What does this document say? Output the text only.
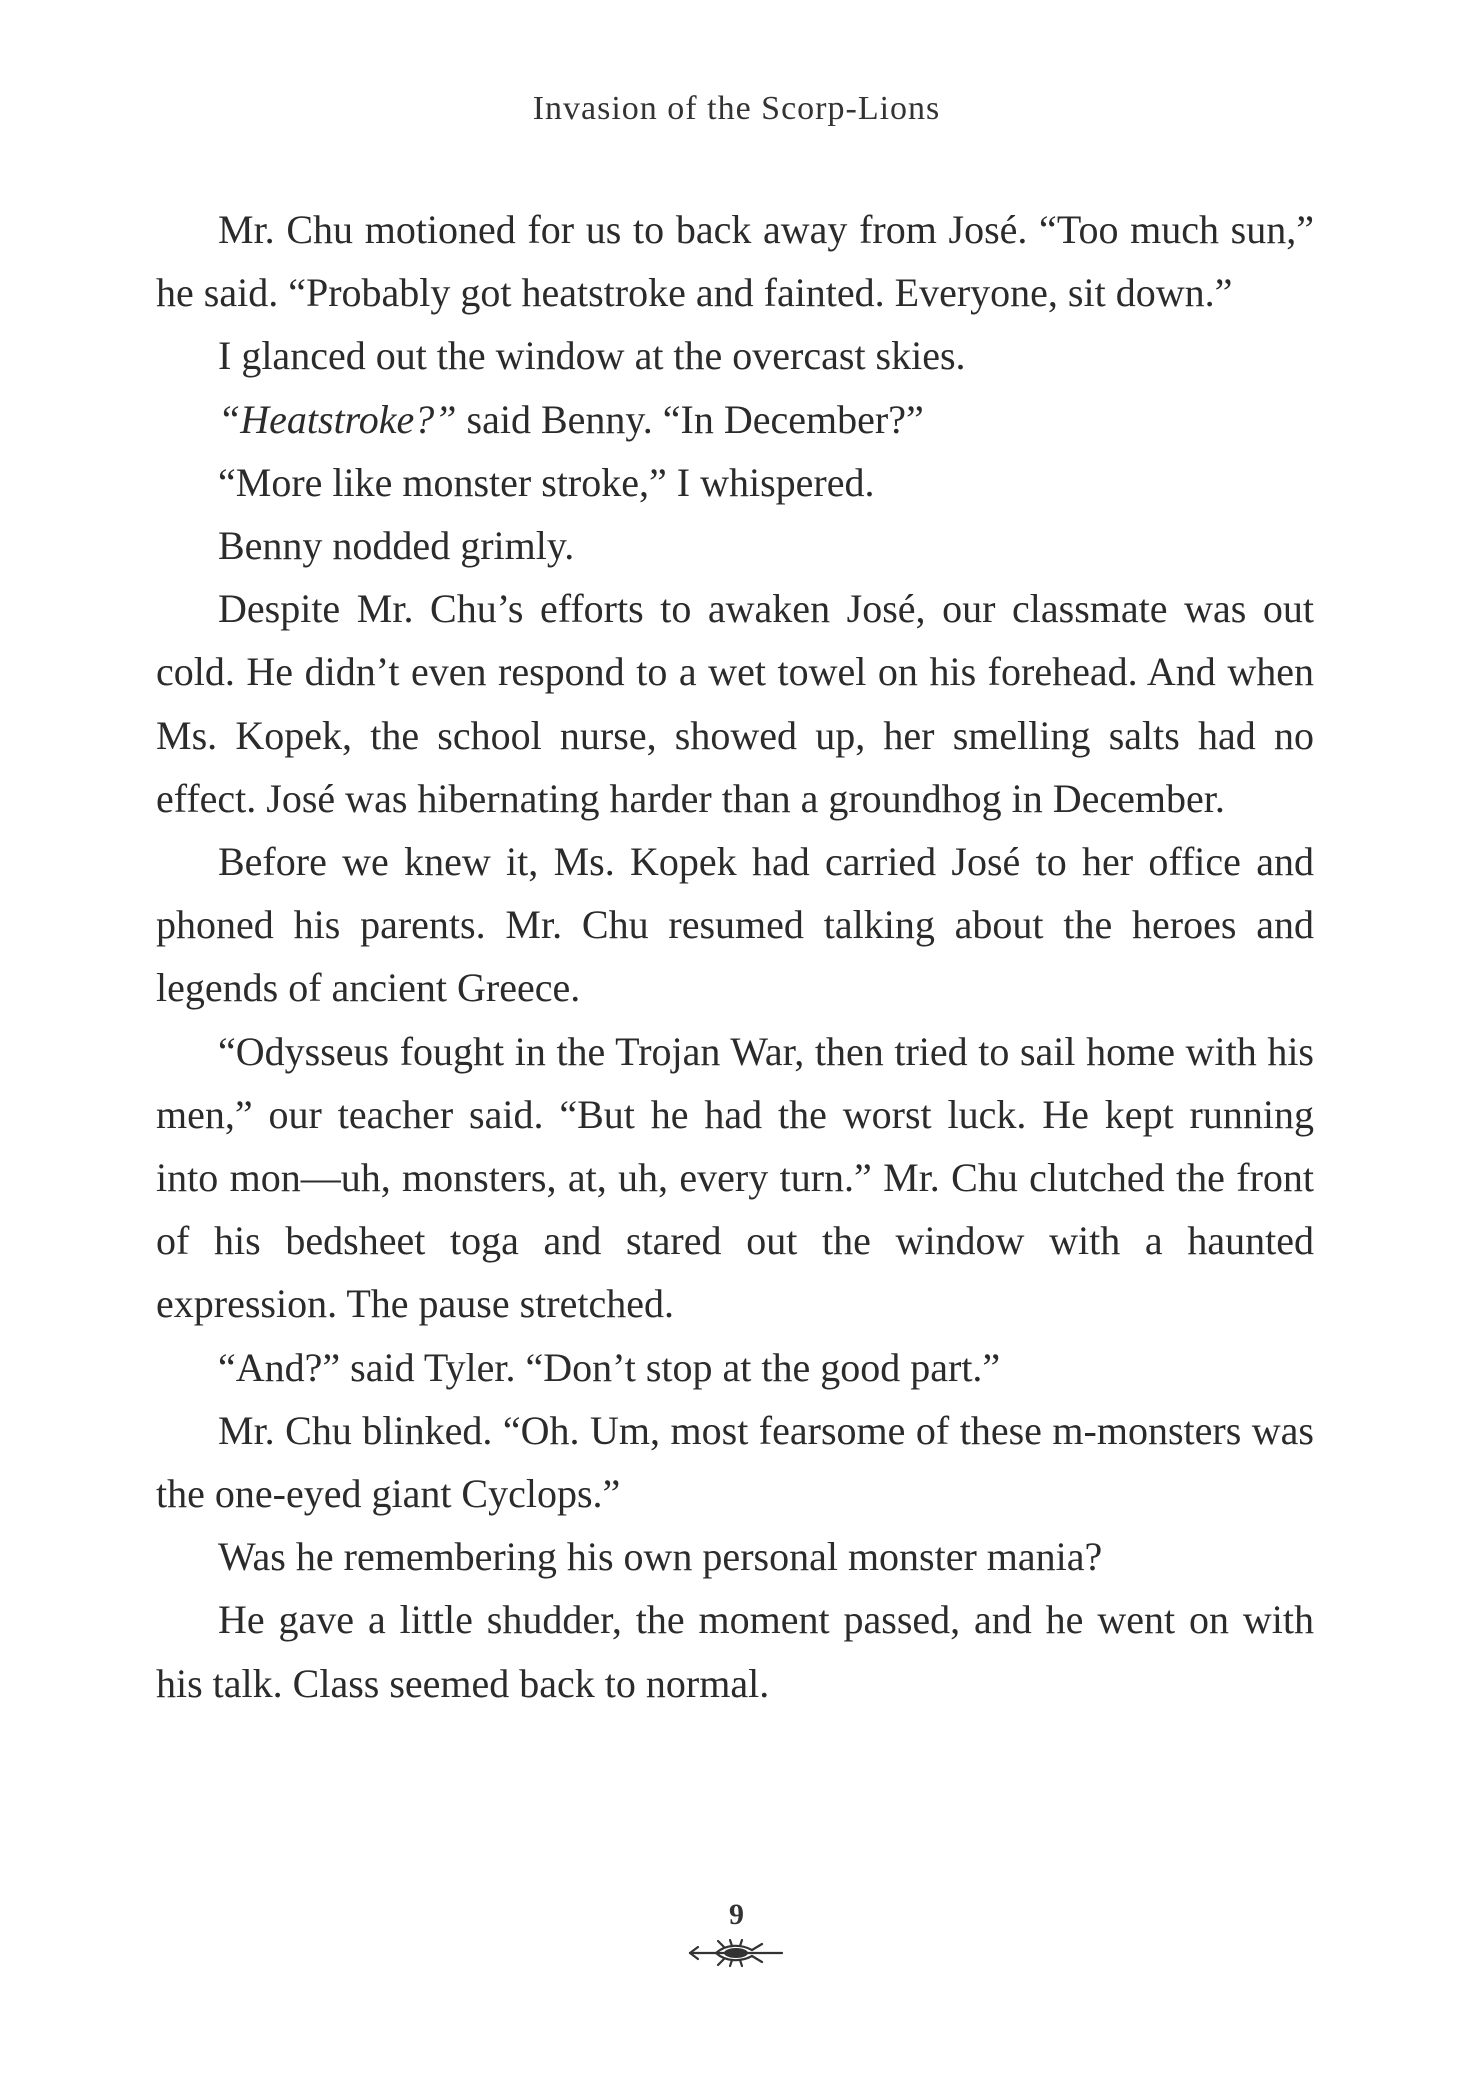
Invasion of the Scorp-Lions

Mr. Chu motioned for us to back away from José. “Too much sun,” he said. “Probably got heatstroke and fainted. Everyone, sit down.”

I glanced out the window at the overcast skies.

“Heatstroke?” said Benny. “In December?”

“More like monster stroke,” I whispered.

Benny nodded grimly.

Despite Mr. Chu’s efforts to awaken José, our classmate was out cold. He didn’t even respond to a wet towel on his forehead. And when Ms. Kopek, the school nurse, showed up, her smelling salts had no effect. José was hibernating harder than a groundhog in December.

Before we knew it, Ms. Kopek had carried José to her office and phoned his parents. Mr. Chu resumed talking about the heroes and legends of ancient Greece.

“Odysseus fought in the Trojan War, then tried to sail home with his men,” our teacher said. “But he had the worst luck. He kept running into mon—uh, monsters, at, uh, every turn.” Mr. Chu clutched the front of his bedsheet toga and stared out the window with a haunted expression. The pause stretched.

“And?” said Tyler. “Don’t stop at the good part.”

Mr. Chu blinked. “Oh. Um, most fearsome of these m-monsters was the one-eyed giant Cyclops.”

Was he remembering his own personal monster mania?

He gave a little shudder, the moment passed, and he went on with his talk. Class seemed back to normal.

9
